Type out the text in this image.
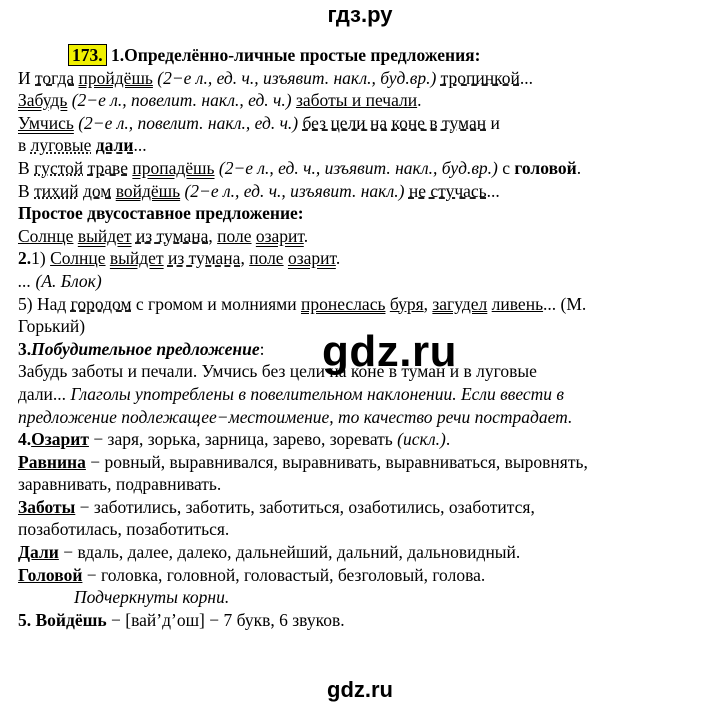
гдз.ру
gdz.ru
173. 1.Определённо-личные простые предложения:
И тогда пройдёшь (2−е л., ед. ч., изъявит. накл., буд.вр.) тропинкой...
Забудь (2−е л., повелит. накл., ед. ч.) заботы и печали.
Умчись (2−е л., повелит. накл., ед. ч.) без цели на коне в туман и
в луговые дали...
В густой траве пропадёшь (2−е л., ед. ч., изъявит. накл., буд.вр.) с головой.
В тихий дом войдёшь (2−е л., ед. ч., изъявит. накл.) не стучась...
Простое двусоставное предложение:
Солнце выйдет из тумана, поле озарит.
2.1) Солнце выйдет из тумана, поле озарит.
... (А. Блок)
5) Над городом с громом и молниями пронеслась буря, загудел ливень... (М.
Горький)
3.Побудительное предложение:
Забудь заботы и печали. Умчись без цели на коне в туман и в луговые
дали... Глаголы употреблены в повелительном наклонении. Если ввести в
предложение подлежащее−местоимение, то качество речи пострадает.
4.Озарит − заря, зорька, зарница, зарево, зоревать (искл.).
Равнина − ровный, выравнивался, выравнивать, выравниваться, выровнять,
заравнивать, подравнивать.
Заботы − заботились, заботить, заботиться, озаботились, озаботится,
позаботилась, позаботиться.
Дали − вдаль, далее, далеко, дальнейший, дальний, дальновидный.
Головой − головка, головной, головастый, безголовый, голова.
Подчеркнуты корни.
5. Войдёшь − [вай’д’ош] − 7 букв, 6 звуков.
gdz.ru
